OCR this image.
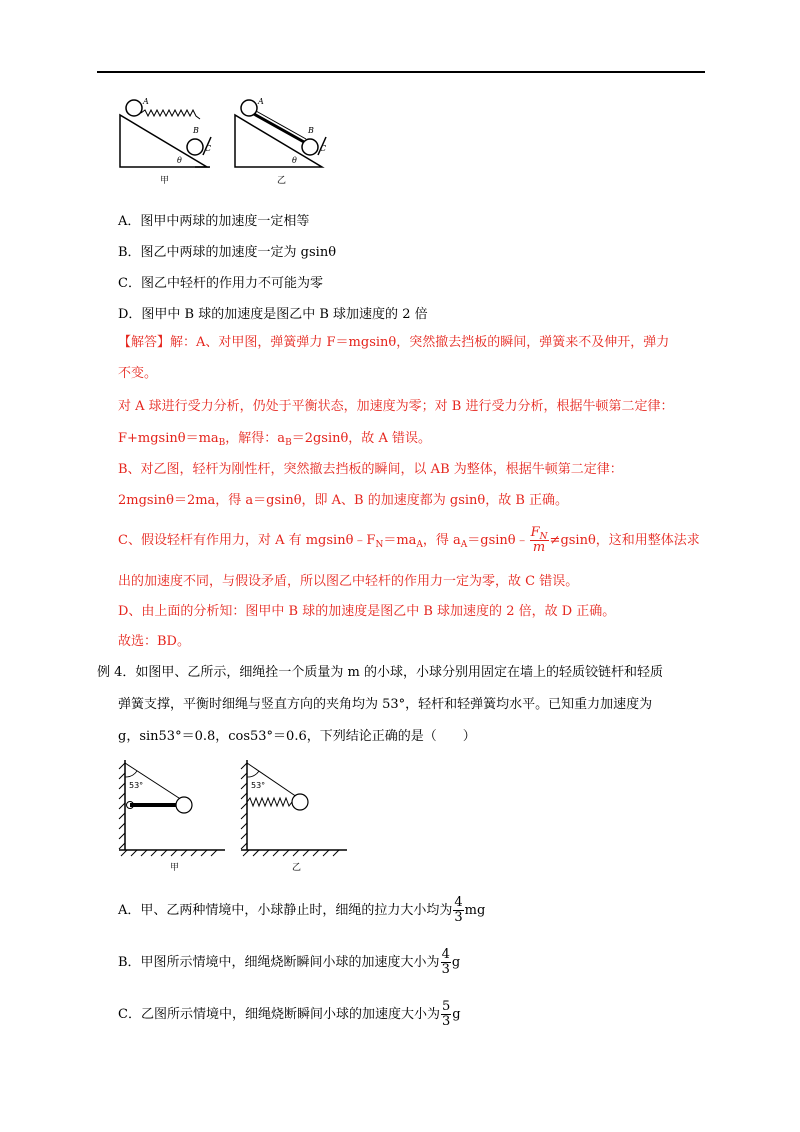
A
B
C
θ
甲
A
B
C
θ
乙
A．图甲中两球的加速度一定相等
B．图乙中两球的加速度一定为 gsinθ
C．图乙中轻杆的作用力不可能为零
D．图甲中 B 球的加速度是图乙中 B 球加速度的 2 倍
【解答】解：A、对甲图，弹簧弹力 F＝mgsinθ，突然撤去挡板的瞬间，弹簧来不及伸开，弹力
不变。
对 A 球进行受力分析，仍处于平衡状态，加速度为零；对 B 进行受力分析，根据牛顿第二定律：
$F+mgsin\theta=ma_B$，解得：$a_B=2gsin\theta$，故 A 错误。
B、对乙图，轻杆为刚性杆，突然撤去挡板的瞬间，以 AB 为整体，根据牛顿第二定律：
2mgsinθ＝2ma，得 a＝gsinθ，即 A、B 的加速度都为 gsinθ，故 B 正确。
C、假设轻杆有作用力，对 A 有 $mgsin\theta﹣F_N=ma_A$，得 $a_A=gsin\theta﹣ \frac{F_N}{m} \ne gsin\theta$，这和用整体法求
出的加速度不同，与假设矛盾，所以图乙中轻杆的作用力一定为零，故 C 错误。
D、由上面的分析知：图甲中 B 球的加速度是图乙中 B 球加速度的 2 倍，故 D 正确。
故选：BD。
例 4．如图甲、乙所示，细绳拴一个质量为 m 的小球，小球分别用固定在墙上的轻质铰链杆和轻质
弹簧支撑，平衡时细绳与竖直方向的夹角均为 53°，轻杆和轻弹簧均水平。已知重力加速度为
g，sin53°＝0.8，cos53°＝0.6，下列结论正确的是（　　）
53°
甲
53°
乙
A．甲、乙两种情境中，小球静止时，细绳的拉力大小均为 $\frac{4}{3}$ mg
B．甲图所示情境中，细绳烧断瞬间小球的加速度大小为 $\frac{4}{3}$ g
C．乙图所示情境中，细绳烧断瞬间小球的加速度大小为 $\frac{5}{3}$ g
